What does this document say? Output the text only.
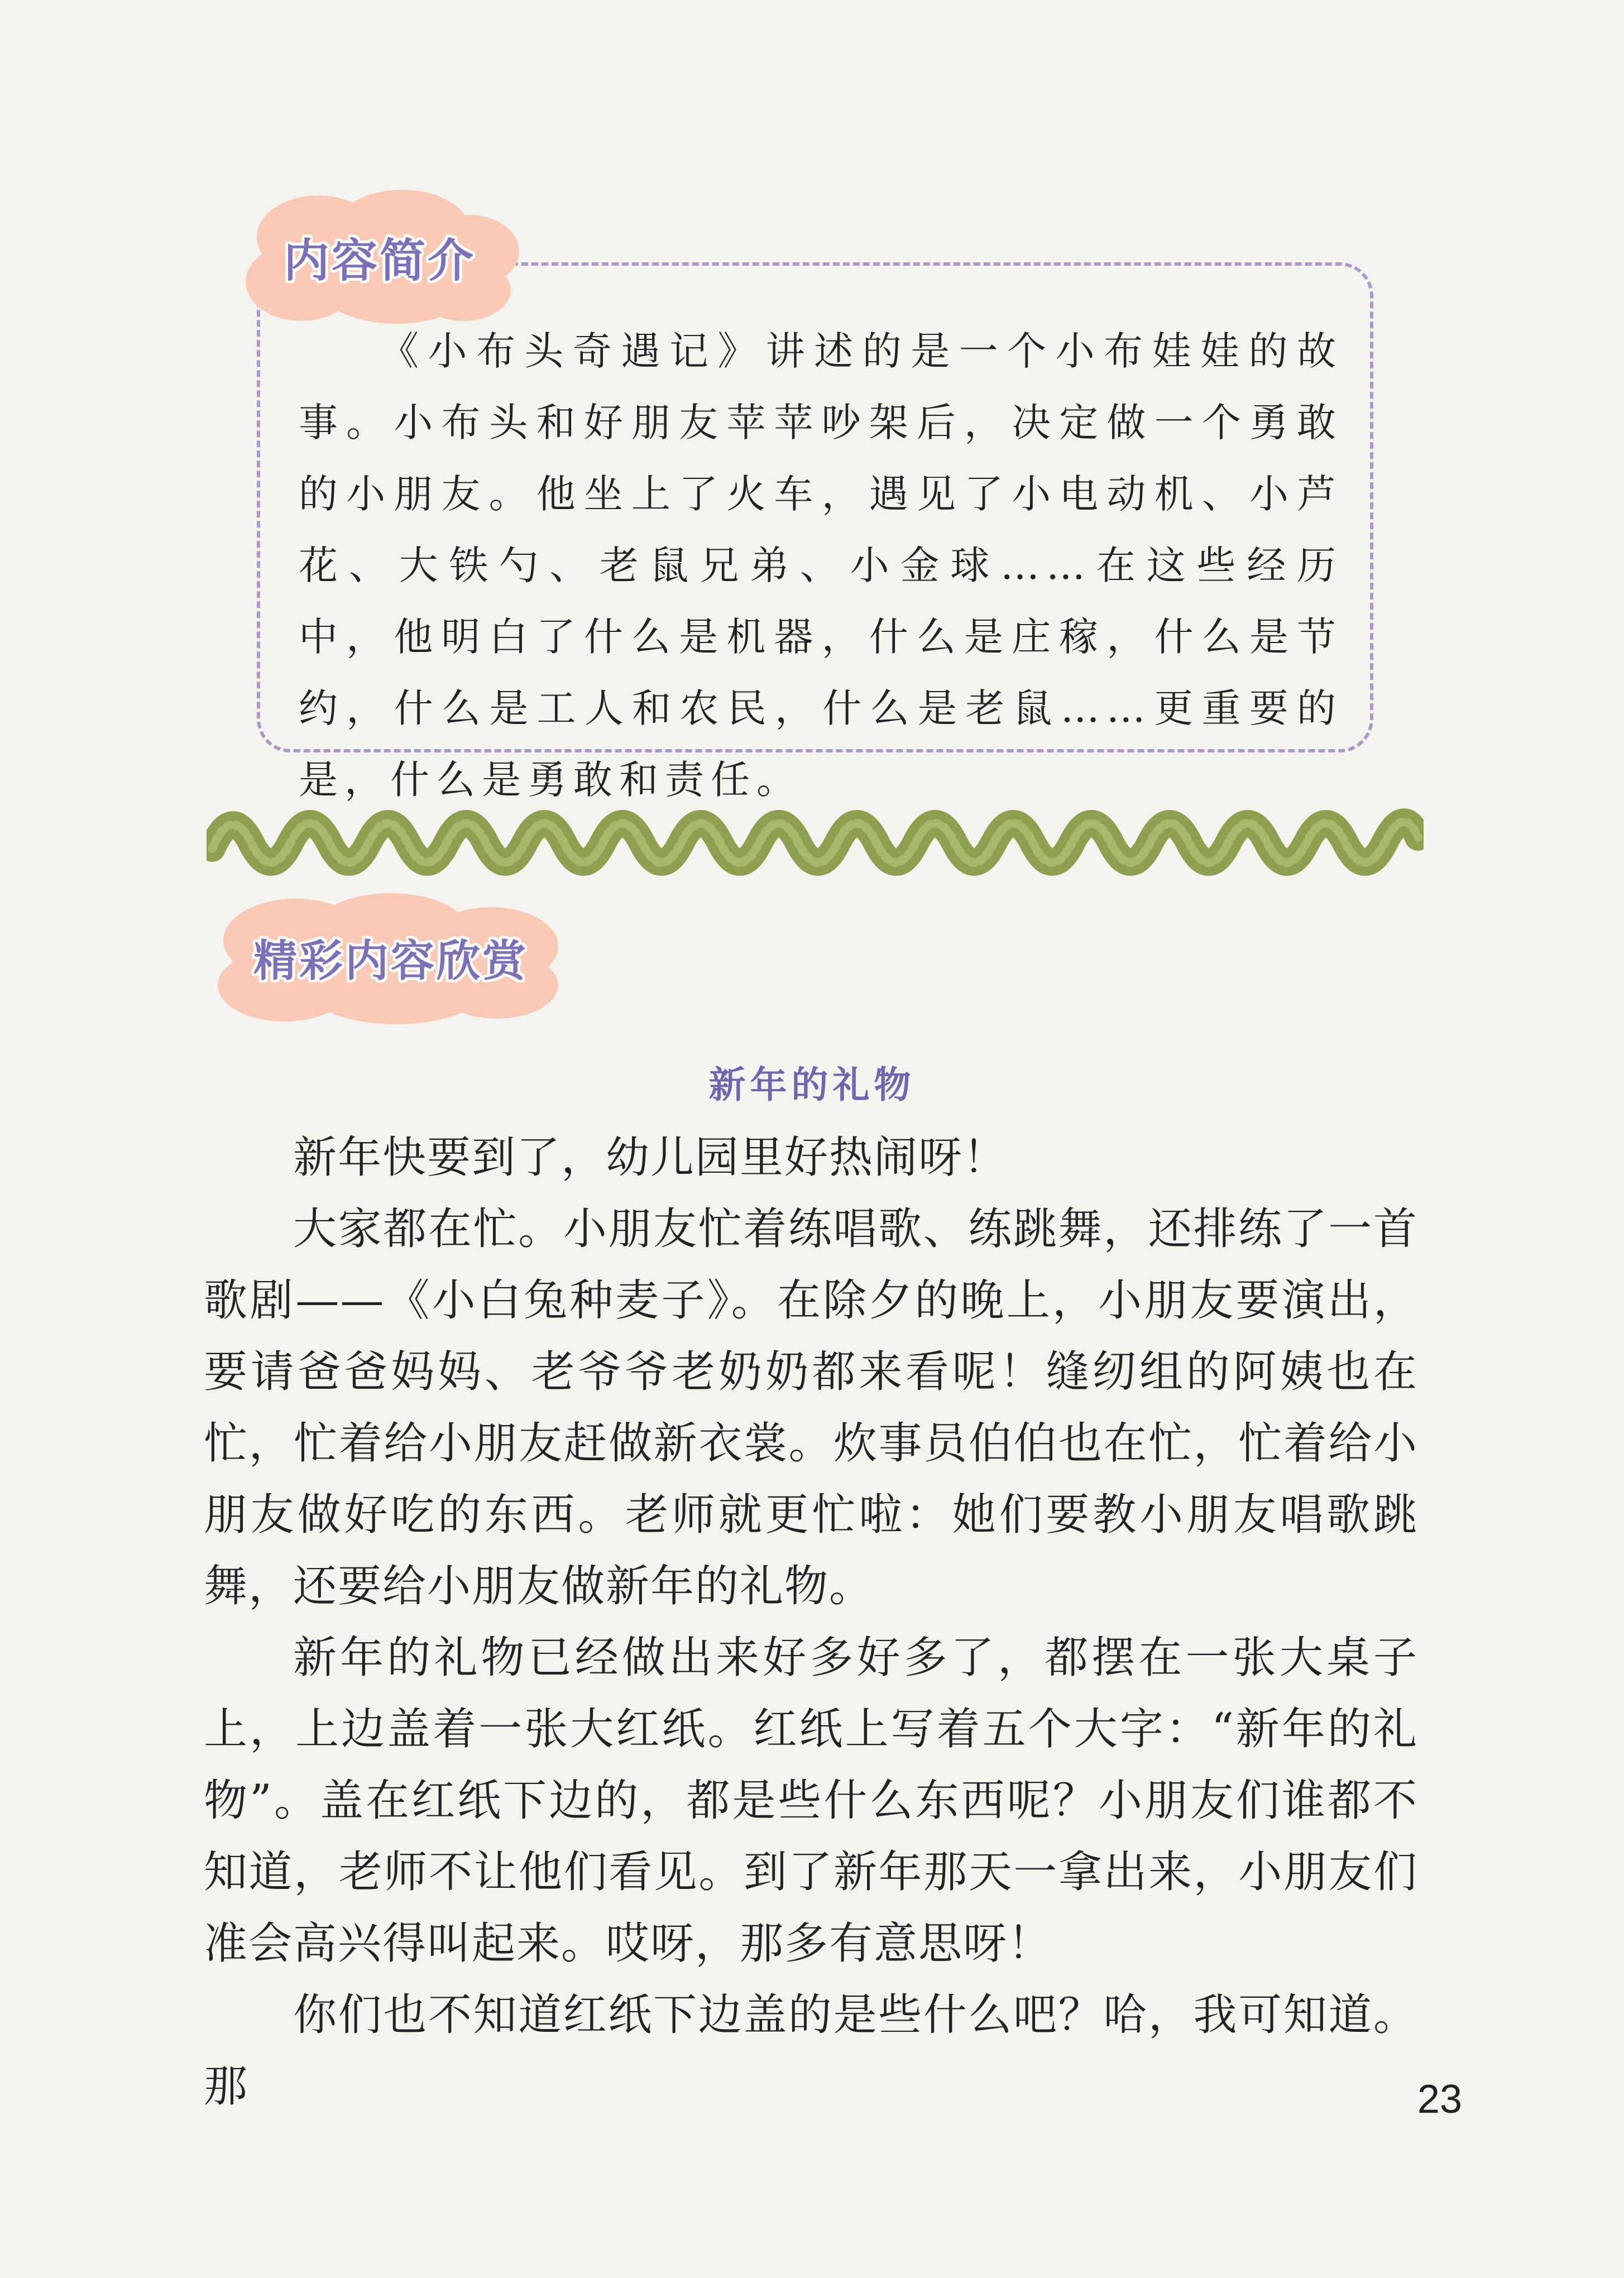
内容简介

《小布头奇遇记》讲述的是一个小布娃娃的故事。小布头和好朋友苹苹吵架后，决定做一个勇敢的小朋友。他坐上了火车，遇见了小电动机、小芦花、大铁勺、老鼠兄弟、小金球……在这些经历中，他明白了什么是机器，什么是庄稼，什么是节约，什么是工人和农民，什么是老鼠……更重要的是，什么是勇敢和责任。

精彩内容欣赏
新年的礼物

新年快要到了，幼儿园里好热闹呀！

大家都在忙。小朋友忙着练唱歌、练跳舞，还排练了一首歌剧——《小白兔种麦子》。在除夕的晚上，小朋友要演出，要请爸爸妈妈、老爷爷老奶奶都来看呢！缝纫组的阿姨也在忙，忙着给小朋友赶做新衣裳。炊事员伯伯也在忙，忙着给小朋友做好吃的东西。老师就更忙啦：她们要教小朋友唱歌跳舞，还要给小朋友做新年的礼物。

新年的礼物已经做出来好多好多了，都摆在一张大桌子上，上边盖着一张大红纸。红纸上写着五个大字：“新年的礼物”。盖在红纸下边的，都是些什么东西呢？小朋友们谁都不知道，老师不让他们看见。到了新年那天一拿出来，小朋友们准会高兴得叫起来。哎呀，那多有意思呀！

你们也不知道红纸下边盖的是些什么吧？哈，我可知道。那	23
